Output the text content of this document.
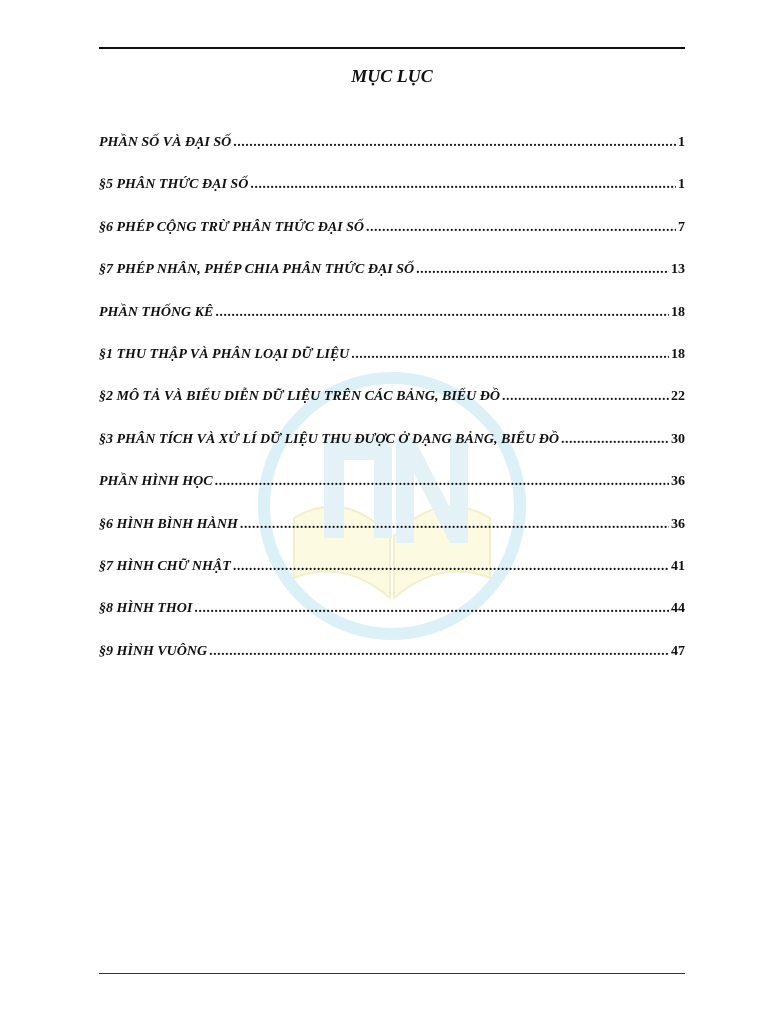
MỤC LỤC
PHẦN SỐ VÀ ĐẠI SỐ .....	1
§5 PHÂN THỨC ĐẠI SỐ .....	1
§6 PHÉP CỘNG TRỪ PHÂN THỨC ĐẠI SỐ .....	7
§7 PHÉP NHÂN, PHÉP CHIA PHÂN THỨC ĐẠI SỐ .....	13
PHẦN THỐNG KÊ .....	18
§1 THU THẬP VÀ PHÂN LOẠI DỮ LIỆU .....	18
§2 MÔ TẢ VÀ BIỂU DIỄN DỮ LIỆU TRÊN CÁC BẢNG, BIỂU ĐỒ .....	22
§3 PHÂN TÍCH VÀ XỬ LÍ DỮ LIỆU THU ĐƯỢC Ở DẠNG BẢNG, BIỂU ĐỒ .....	30
PHẦN HÌNH HỌC .....	36
§6 HÌNH BÌNH HÀNH .....	36
§7 HÌNH CHỮ NHẬT .....	41
§8 HÌNH THOI .....	44
§9 HÌNH VUÔNG .....	47
